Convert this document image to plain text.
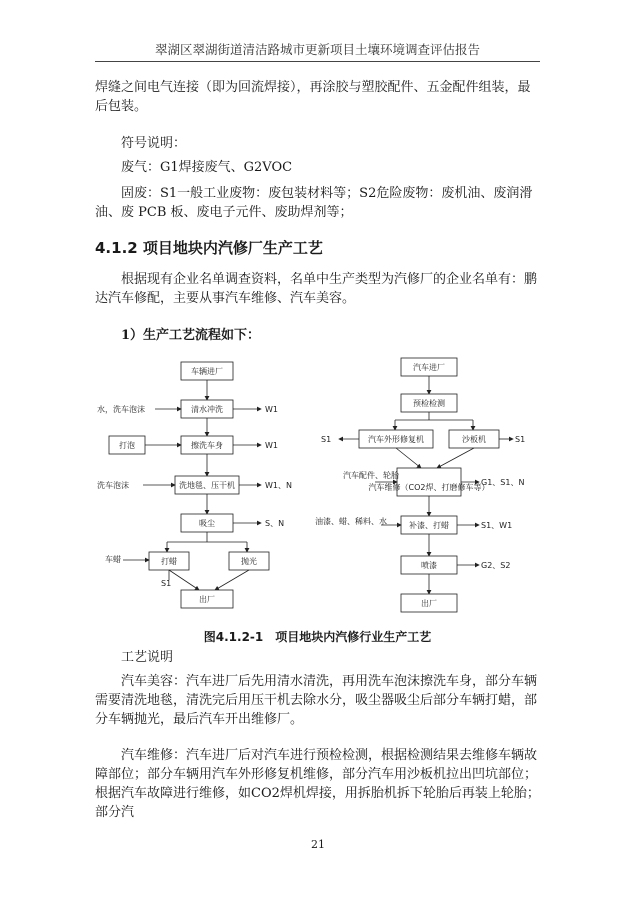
翠湖区翠湖街道清洁路城市更新项目土壤环境调查评估报告
焊缝之间电气连接（即为回流焊接），再涂胶与塑胶配件、五金配件组装，最后包装。
符号说明：
废气：G1焊接废气、G2VOC
固废：S1一般工业废物：废包装材料等；S2危险废物：废机油、废润滑油、废 PCB 板、废电子元件、废助焊剂等；
4.1.2 项目地块内汽修厂生产工艺
根据现有企业名单调查资料，名单中生产类型为汽修厂的企业名单有：鹏达汽车修配，主要从事汽车维修、汽车美容。
1）生产工艺流程如下：
车辆进厂
清水冲洗
擦洗车身
洗地毯、压干机
吸尘
打蜡	抛光
出厂
水，洗车泡沫
打泡
洗车泡沫
车蜡
W1
W1
W1、N
S、N
S1
汽车进厂
预检检测
汽车外形修复机	沙板机
汽车维修（CO2焊、打磨修车等）
补漆、打蜡
喷漆
出厂
汽车配件、轮胎
油漆、蜡、稀料、水
S1	S1
G1、S1、N
S1、W1
G2、S2
图4.1.2-1　项目地块内汽修行业生产工艺
工艺说明
汽车美容：汽车进厂后先用清水清洗，再用洗车泡沫擦洗车身，部分车辆需要清洗地毯，清洗完后用压干机去除水分，吸尘器吸尘后部分车辆打蜡，部分车辆抛光，最后汽车开出维修厂。
汽车维修：汽车进厂后对汽车进行预检检测，根据检测结果去维修车辆故障部位；部分车辆用汽车外形修复机维修，部分汽车用沙板机拉出凹坑部位；根据汽车故障进行维修，如CO2焊机焊接，用拆胎机拆下轮胎后再装上轮胎；部分汽
21
